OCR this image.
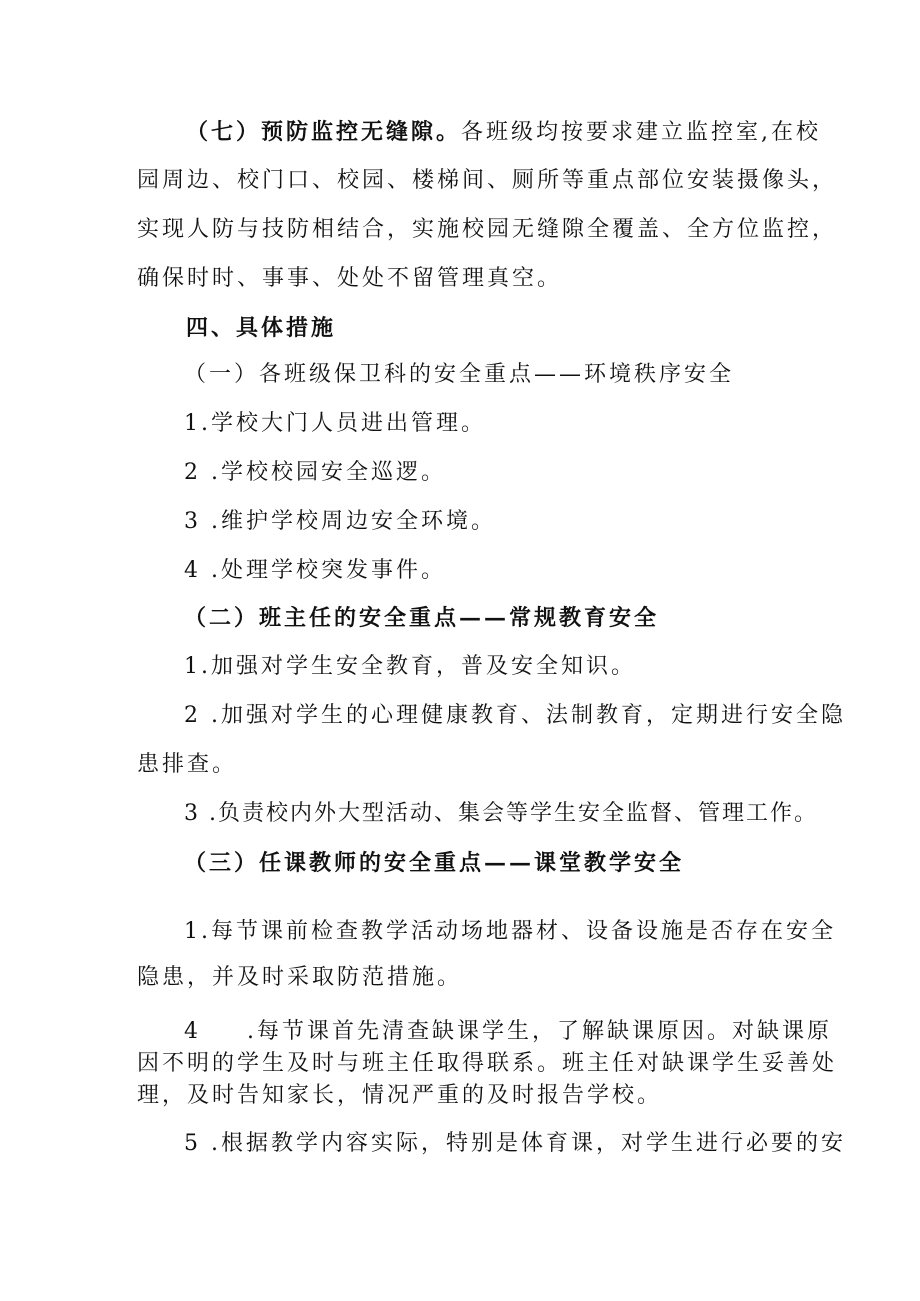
（七）预防监控无缝隙。各班级均按要求建立监控室,在校
园周边、校门口、校园、楼梯间、厕所等重点部位安装摄像头，
实现人防与技防相结合，实施校园无缝隙全覆盖、全方位监控，
确保时时、事事、处处不留管理真空。
四、具体措施
（一）各班级保卫科的安全重点——环境秩序安全
1.学校大门人员进出管理。
2 .学校校园安全巡逻。
3 .维护学校周边安全环境。
4 .处理学校突发事件。
（二）班主任的安全重点——常规教育安全
1.加强对学生安全教育，普及安全知识。
2 .加强对学生的心理健康教育、法制教育，定期进行安全隐
患排查。
3 .负责校内外大型活动、集会等学生安全监督、管理工作。
（三）任课教师的安全重点——课堂教学安全
1.每节课前检查教学活动场地器材、设备设施是否存在安全
隐患，并及时采取防范措施。
4 .每节课首先清查缺课学生，了解缺课原因。对缺课原
因不明的学生及时与班主任取得联系。班主任对缺课学生妥善处
理，及时告知家长，情况严重的及时报告学校。
5 .根据教学内容实际，特别是体育课，对学生进行必要的安
